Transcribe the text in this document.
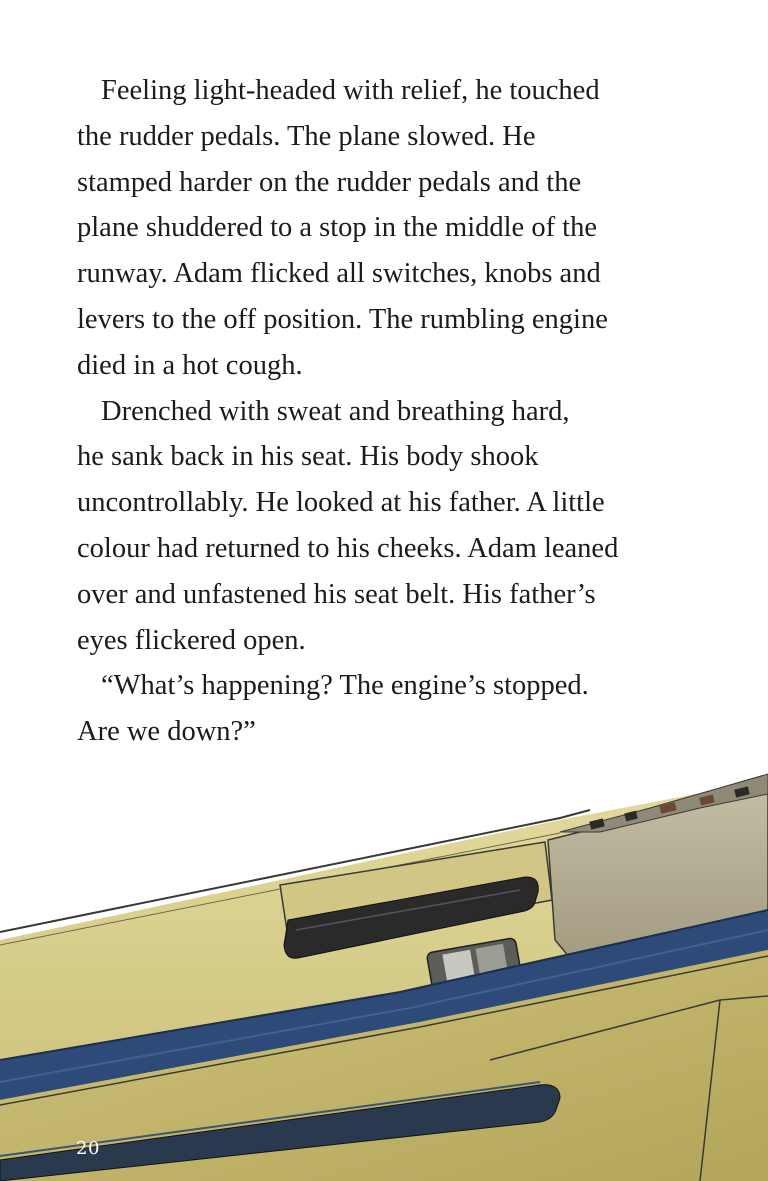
Feeling light-headed with relief, he touched
the rudder pedals. The plane slowed. He
stamped harder on the rudder pedals and the
plane shuddered to a stop in the middle of the
runway. Adam flicked all switches, knobs and
levers to the off position. The rumbling engine
died in a hot cough.

Drenched with sweat and breathing hard,
he sank back in his seat. His body shook
uncontrollably. He looked at his father. A little
colour had returned to his cheeks. Adam leaned
over and unfastened his seat belt. His father’s
eyes flickered open.

“What’s happening? The engine’s stopped.
Are we down?”

20
